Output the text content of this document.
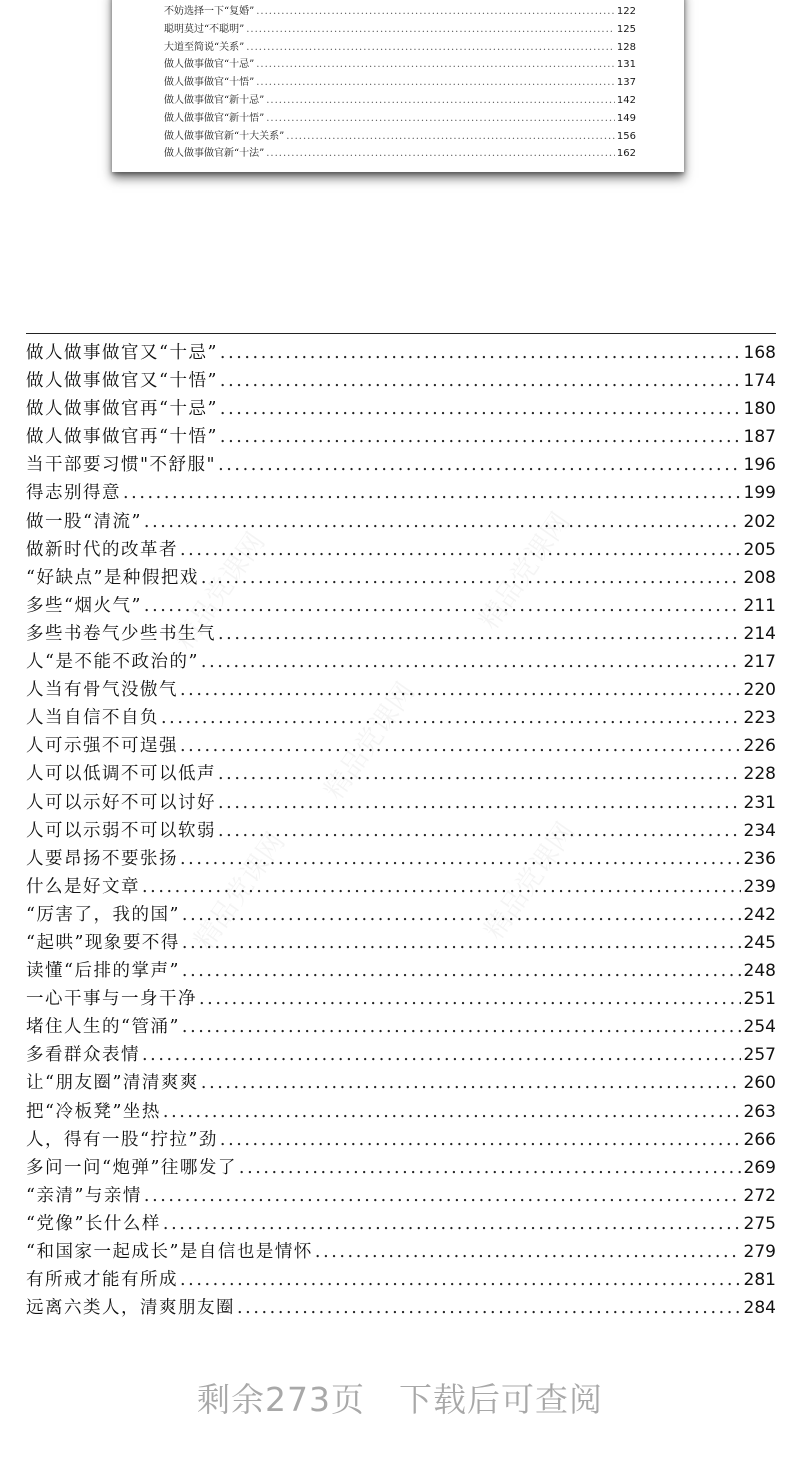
不妨选择一下“复婚” .....	122
聪明莫过“不聪明” .....	125
大道至简说“关系” .....	128
做人做事做官“十忌” .....	131
做人做事做官“十悟” .....	137
做人做事做官“新十忌” .....	142
做人做事做官“新十悟” .....	149
做人做事做官新“十大关系” .....	156
做人做事做官新“十法” .....	162
做人做事做官又“十忌” .....	168
做人做事做官又“十悟” .....	174
做人做事做官再“十忌” .....	180
做人做事做官再“十悟” .....	187
当干部要习惯"不舒服" .....	196
得志别得意 .....	199
做一股“清流” .....	202
做新时代的改革者 .....	205
“好缺点”是种假把戏 .....	208
多些“烟火气” .....	211
多些书卷气少些书生气 .....	214
人“是不能不政治的” .....	217
人当有骨气没傲气 .....	220
人当自信不自负 .....	223
人可示强不可逞强 .....	226
人可以低调不可以低声 .....	228
人可以示好不可以讨好 .....	231
人可以示弱不可以软弱 .....	234
人要昂扬不要张扬 .....	236
什么是好文章 .....	239
“厉害了，我的国” .....	242
“起哄”现象要不得 .....	245
读懂“后排的掌声” .....	248
一心干事与一身干净 .....	251
堵住人生的“管涌” .....	254
多看群众表情 .....	257
让“朋友圈”清清爽爽 .....	260
把“冷板凳”坐热 .....	263
人，得有一股“拧拉”劲 .....	266
多问一问“炮弹”往哪发了 .....	269
“亲清”与亲情 .....	272
“党像”长什么样 .....	275
“和国家一起成长”是自信也是情怀 .....	279
有所戒才能有所成 .....	281
远离六类人，清爽朋友圈 .....	284
剩余273页 下载后可查阅
